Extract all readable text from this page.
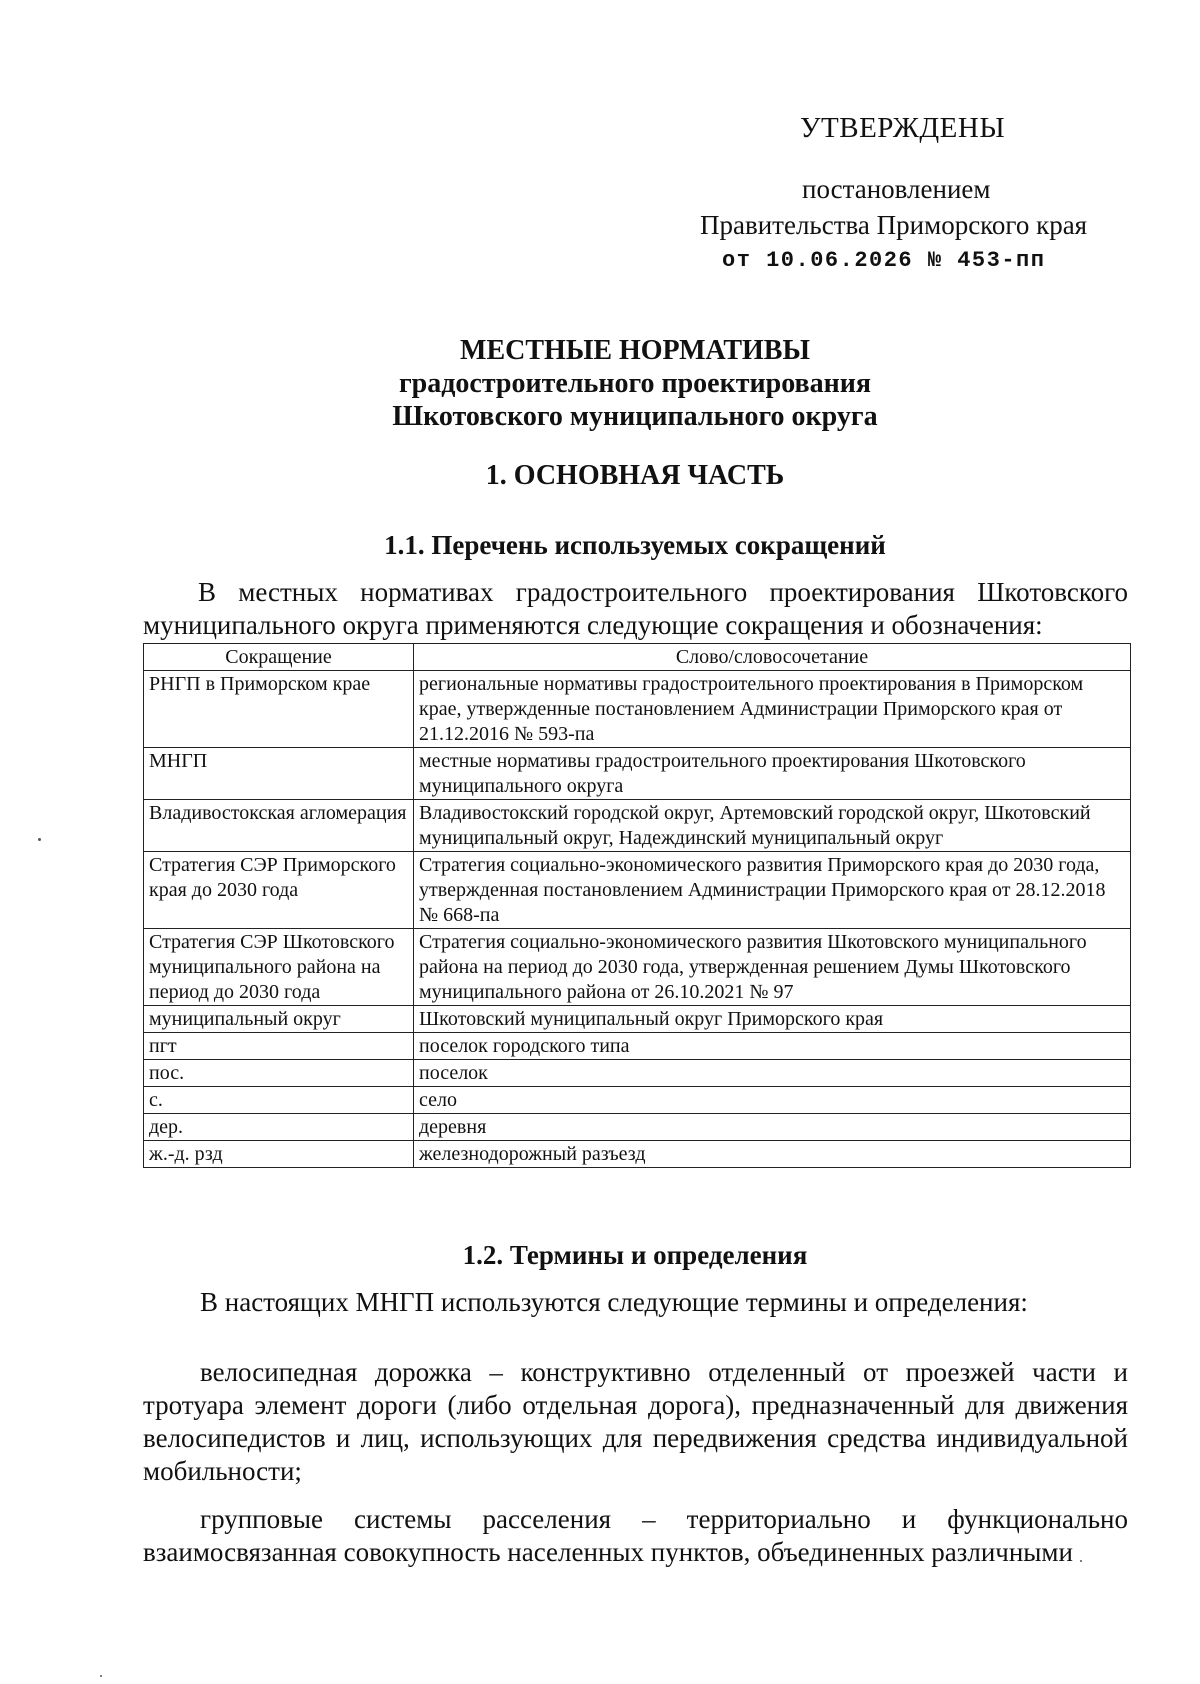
УТВЕРЖДЕНЫ
постановлением
Правительства Приморского края
от 10.06.2026 № 453-пп
МЕСТНЫЕ НОРМАТИВЫ
градостроительного проектирования
Шкотовского муниципального округа
1. ОСНОВНАЯ ЧАСТЬ
1.1. Перечень используемых сокращений
В местных нормативах градостроительного проектирования Шкотовского муниципального округа применяются следующие сокращения и обозначения:
Сокращение	Слово/словосочетание
РНГП в Приморском крае	региональные нормативы градостроительного проектирования в Приморском крае, утвержденные постановлением Администрации Приморского края от 21.12.2016 № 593-па
МНГП	местные нормативы градостроительного проектирования Шкотовского муниципального округа
Владивостокская агломерация	Владивостокский городской округ, Артемовский городской округ, Шкотовский муниципальный округ, Надеждинский муниципальный округ
Стратегия СЭР Приморского края до 2030 года	Стратегия социально-экономического развития Приморского края до 2030 года, утвержденная постановлением Администрации Приморского края от 28.12.2018 № 668-па
Стратегия СЭР Шкотовского муниципального района на период до 2030 года	Стратегия социально-экономического развития Шкотовского муниципального района на период до 2030 года, утвержденная решением Думы Шкотовского муниципального района от 26.10.2021 № 97
муниципальный округ	Шкотовский муниципальный округ Приморского края
пгт	поселок городского типа
пос.	поселок
с.	село
дер.	деревня
ж.-д. рзд	железнодорожный разъезд
1.2. Термины и определения
В настоящих МНГП используются следующие термины и определения:
велосипедная дорожка – конструктивно отделенный от проезжей части и тротуара элемент дороги (либо отдельная дорога), предназначенный для движения велосипедистов и лиц, использующих для передвижения средства индивидуальной мобильности;
групповые системы расселения – территориально и функционально взаимосвязанная совокупность населенных пунктов, объединенных различными
